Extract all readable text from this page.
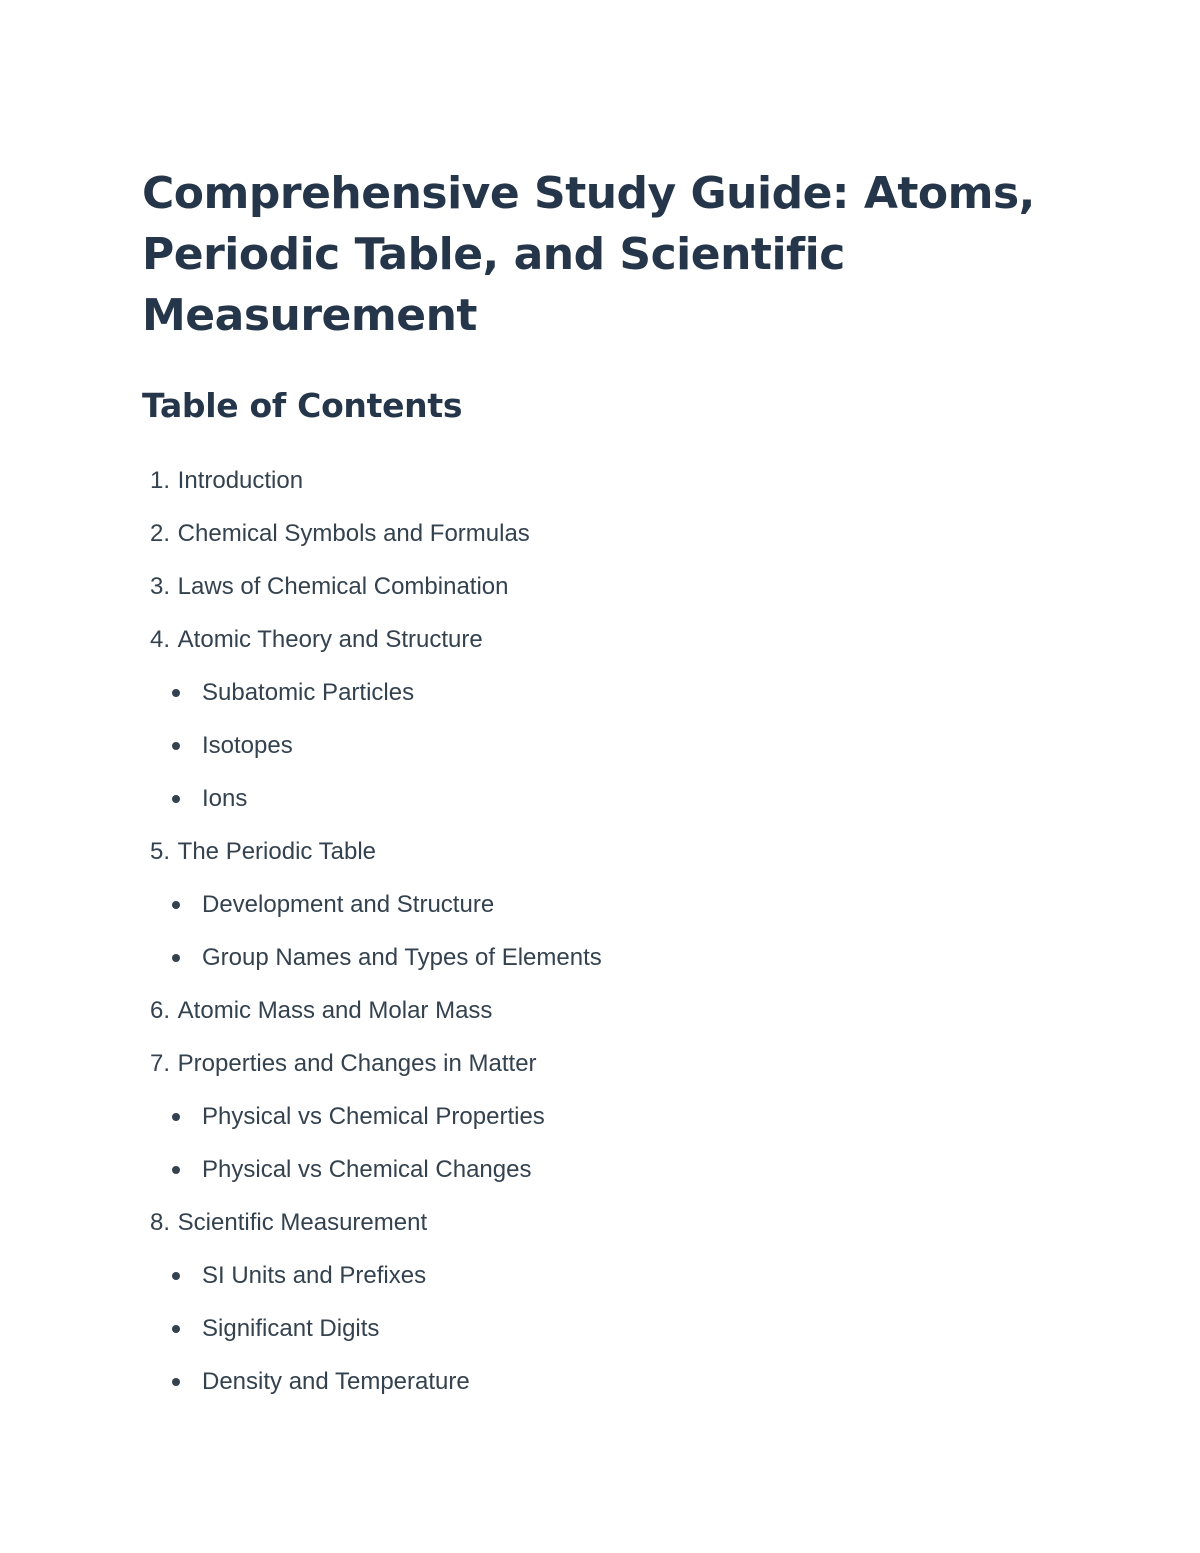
Comprehensive Study Guide: Atoms, Periodic Table, and Scientific Measurement
Table of Contents
1.
Introduction
2.
Chemical Symbols and Formulas
3.
Laws of Chemical Combination
4.
Atomic Theory and Structure
Subatomic Particles
Isotopes
Ions
5.
The Periodic Table
Development and Structure
Group Names and Types of Elements
6.
Atomic Mass and Molar Mass
7.
Properties and Changes in Matter
Physical vs Chemical Properties
Physical vs Chemical Changes
8.
Scientific Measurement
SI Units and Prefixes
Significant Digits
Density and Temperature
